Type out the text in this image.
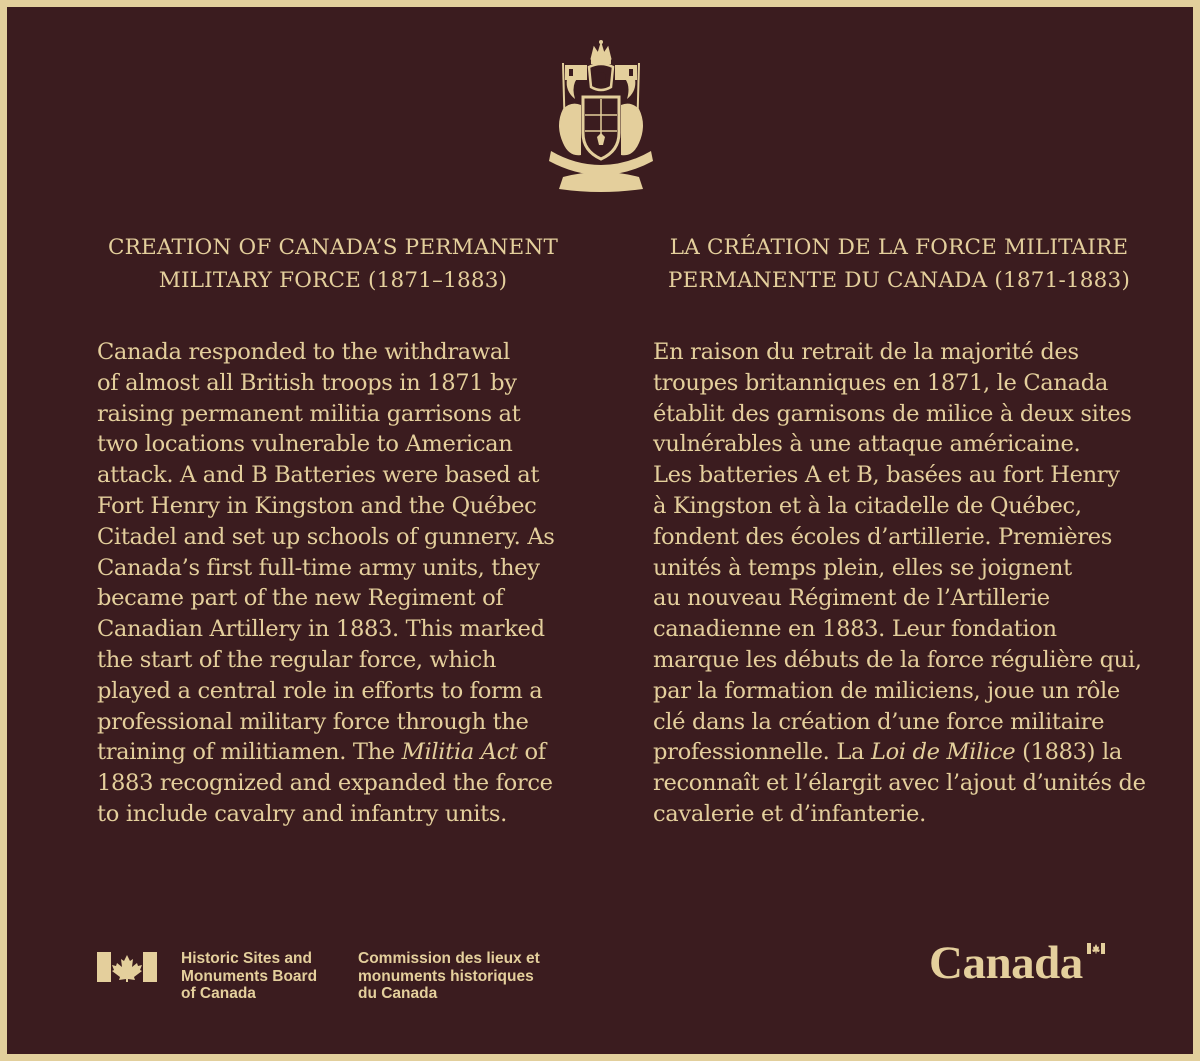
CREATION OF CANADA’S PERMANENT
MILITARY FORCE (1871–1883)
LA CRÉATION DE LA FORCE MILITAIRE
PERMANENTE DU CANADA (1871-1883)
Canada responded to the withdrawal
of almost all British troops in 1871 by
raising permanent militia garrisons at
two locations vulnerable to American
attack. A and B Batteries were based at
Fort Henry in Kingston and the Québec
Citadel and set up schools of gunnery. As
Canada’s first full-time army units, they
became part of the new Regiment of
Canadian Artillery in 1883. This marked
the start of the regular force, which
played a central role in efforts to form a
professional military force through the
training of militiamen. The Militia Act of
1883 recognized and expanded the force
to include cavalry and infantry units.
En raison du retrait de la majorité des
troupes britanniques en 1871, le Canada
établit des garnisons de milice à deux sites
vulnérables à une attaque américaine.
Les batteries A et B, basées au fort Henry
à Kingston et à la citadelle de Québec,
fondent des écoles d’artillerie. Premières
unités à temps plein, elles se joignent
au nouveau Régiment de l’Artillerie
canadienne en 1883. Leur fondation
marque les débuts de la force régulière qui,
par la formation de miliciens, joue un rôle
clé dans la création d’une force militaire
professionnelle. La Loi de Milice (1883) la
reconnaît et l’élargit avec l’ajout d’unités de
cavalerie et d’infanterie.
Historic Sites and
Monuments Board
of Canada
Commission des lieux et
monuments historiques
du Canada
Canada
